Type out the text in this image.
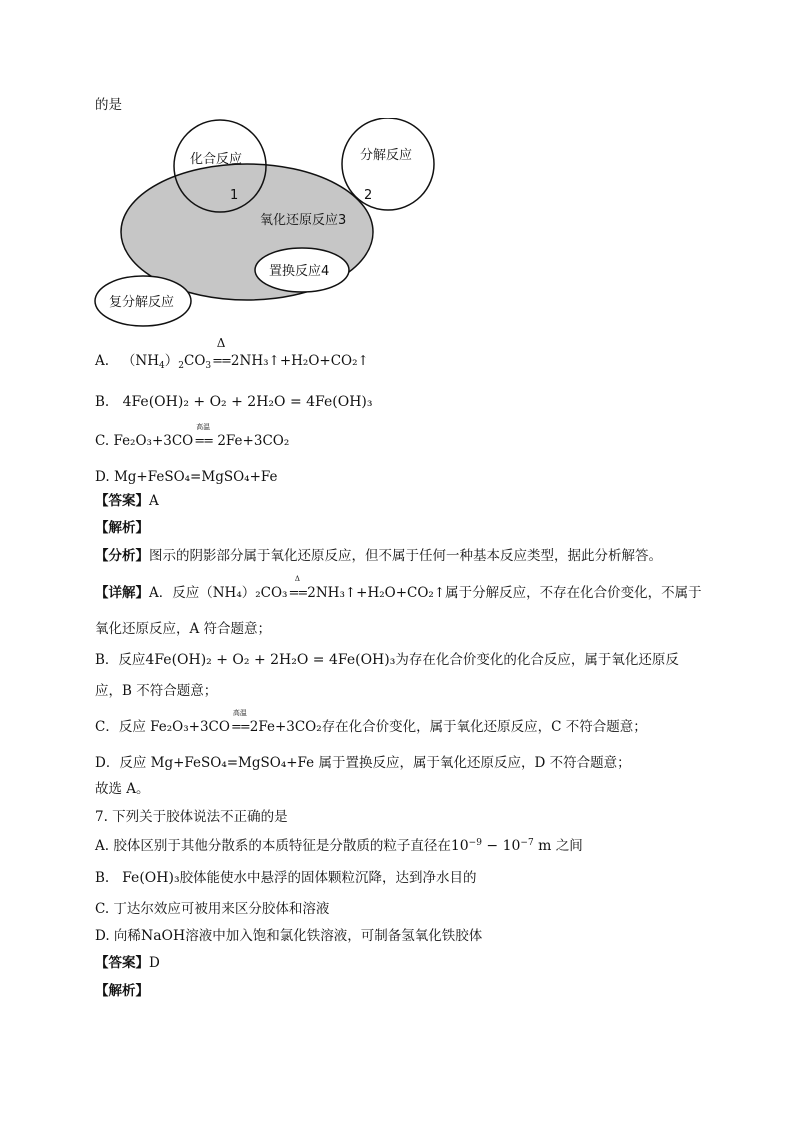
的是
化合反应	分解反应
1	2
氧化还原反应3
置换反应4
复分解反应
A. $(NH_4)_2CO_3$
Δ
==2NH₃↑+H₂O+CO₂↑
B. 4Fe(OH)₂ + O₂ + 2H₂O = 4Fe(OH)₃
C. Fe₂O₃+3CO
高温
== 2Fe+3CO₂
D. Mg+FeSO₄=MgSO₄+Fe
【答案】A
【解析】
【分析】图示的阴影部分属于氧化还原反应，但不属于任何一种基本反应类型，据此分析解答。
【详解】A．反应（NH₄）₂CO₃
Δ
==2NH₃↑+H₂O+CO₂↑属于分解反应，不存在化合价变化，不属于
氧化还原反应，A 符合题意；
B．反应4Fe(OH)₂ + O₂ + 2H₂O = 4Fe(OH)₃为存在化合价变化的化合反应，属于氧化还原反
应，B 不符合题意；
C．反应 Fe₂O₃+3CO
高温
==2Fe+3CO₂存在化合价变化，属于氧化还原反应，C 不符合题意；
D．反应 Mg+FeSO₄=MgSO₄+Fe 属于置换反应，属于氧化还原反应，D 不符合题意；
故选 A。
7. 下列关于胶体说法不正确的是
A. 胶体区别于其他分散系的本质特征是分散质的粒子直径在$10^{-9} - 10^{-7}$ m 之间
B. Fe(OH)₃胶体能使水中悬浮的固体颗粒沉降，达到净水目的
C. 丁达尔效应可被用来区分胶体和溶液
D. 向稀NaOH溶液中加入饱和氯化铁溶液，可制备氢氧化铁胶体
【答案】D
【解析】
